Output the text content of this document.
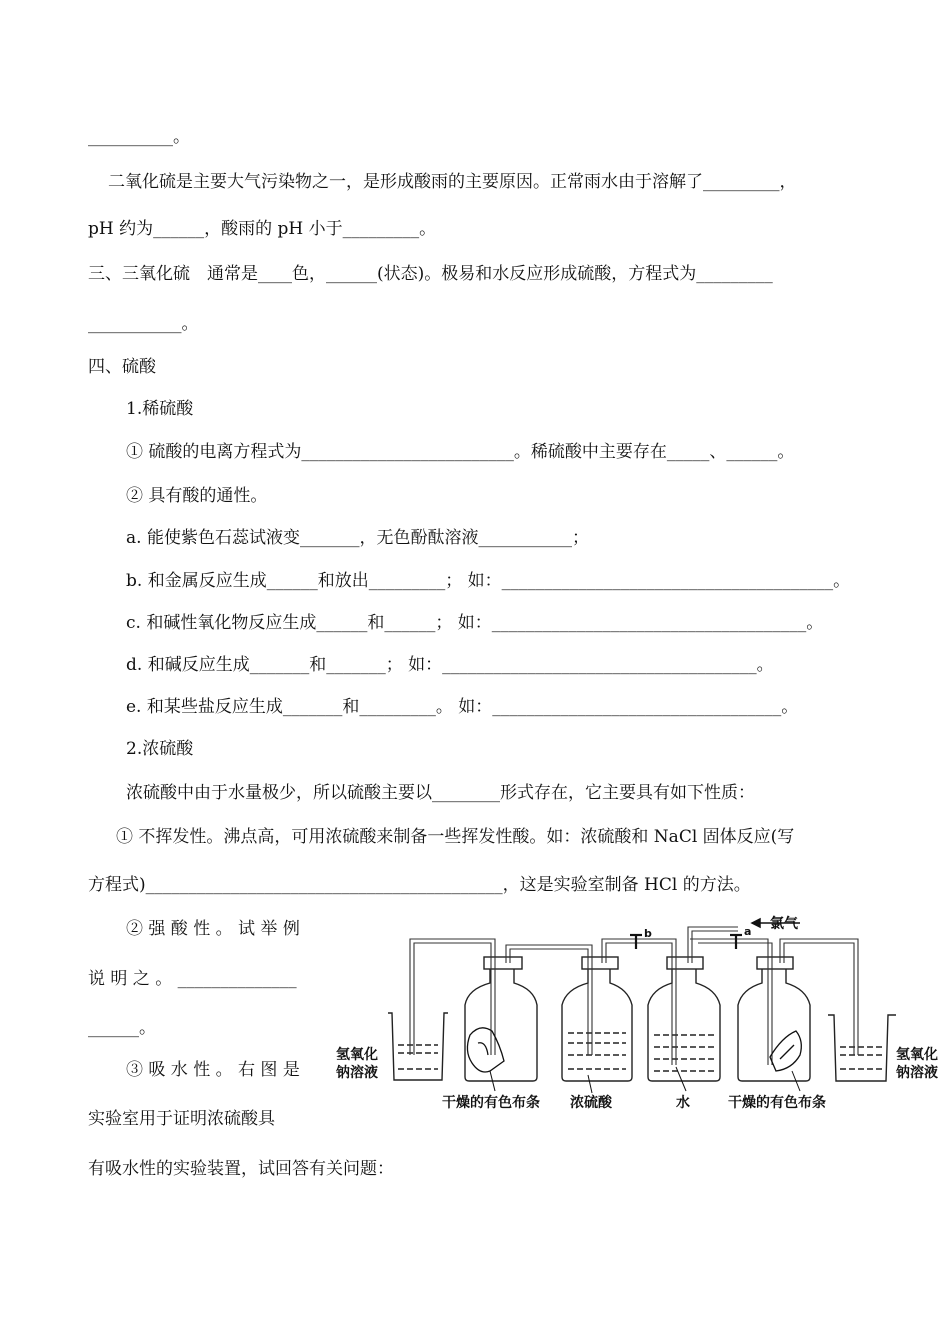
__________。
二氧化硫是主要大气污染物之一，是形成酸雨的主要原因。正常雨水由于溶解了_________，
pH 约为______，酸雨的 pH 小于_________。
三、三氧化硫　通常是____色，______(状态)。极易和水反应形成硫酸，方程式为_________
___________。
四、硫酸
1.稀硫酸
① 硫酸的电离方程式为_________________________。稀硫酸中主要存在_____、______。
② 具有酸的通性。
a. 能使紫色石蕊试液变_______，无色酚酞溶液___________；
b. 和金属反应生成______和放出_________； 如：_______________________________________。
c. 和碱性氧化物反应生成______和______； 如：_____________________________________。
d. 和碱反应生成_______和_______； 如：_____________________________________。
e. 和某些盐反应生成_______和_________。 如：__________________________________。
2.浓硫酸
浓硫酸中由于水量极少，所以硫酸主要以________形式存在，它主要具有如下性质：
① 不挥发性。沸点高，可用浓硫酸来制备一些挥发性酸。如：浓硫酸和 NaCl 固体反应(写
方程式)__________________________________________，这是实验室制备 HCl 的方法。
② 强 酸 性 。 试 举 例
说 明 之 。 ______________
______。
③ 吸 水 性 。 右 图 是
实验室用于证明浓硫酸具
有吸水性的实验装置，试回答有关问题：
氯气
b	a
氢氧化
钠溶液
氢氧化
钠溶液
干燥的有色布条 浓硫酸	水	干燥的有色布条
